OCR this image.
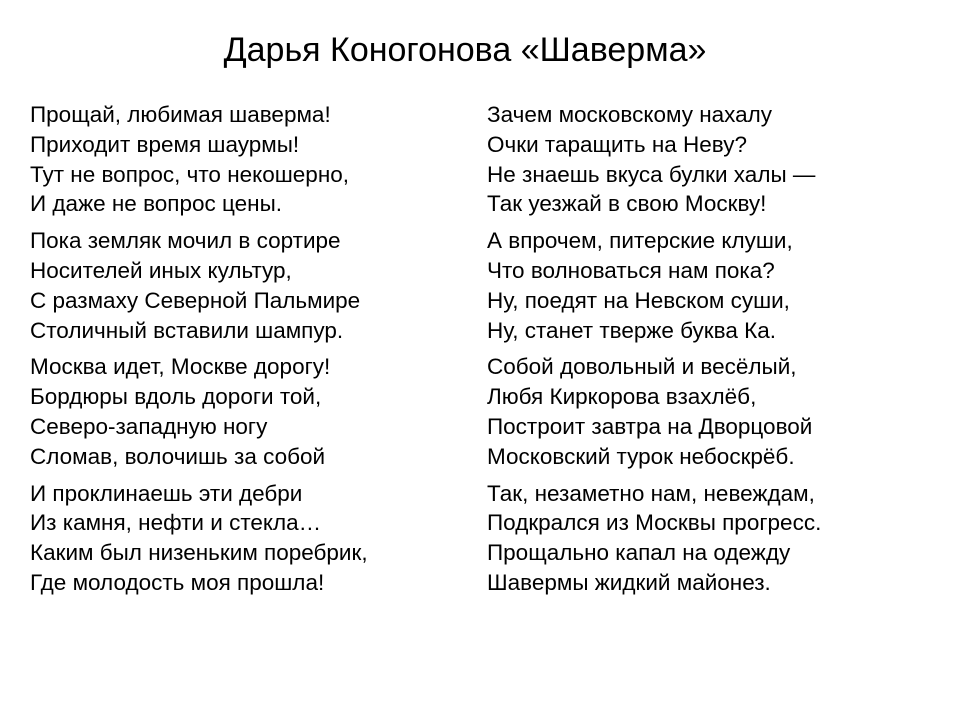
Дарья Коногонова «Шаверма»
Прощай, любимая шаверма!
Приходит время шаурмы!
Тут не вопрос, что некошерно,
И даже не вопрос цены.
Пока земляк мочил в сортире
Носителей иных культур,
С размаху Северной Пальмире
Столичный вставили шампур.
Москва идет, Москве дорогу!
Бордюры вдоль дороги той,
Северо-западную ногу
Сломав, волочишь за собой
И проклинаешь эти дебри
Из камня, нефти и стекла…
Каким был низеньким поребрик,
Где молодость моя прошла!
Зачем московскому нахалу
Очки таращить на Неву?
Не знаешь вкуса булки халы —
Так уезжай в свою Москву!
А впрочем, питерские клуши,
Что волноваться нам пока?
Ну, поедят на Невском суши,
Ну, станет тверже буква Ка.
Собой довольный и весёлый,
Любя Киркорова взахлёб,
Построит завтра на Дворцовой
Московский турок небоскрёб.
Так, незаметно нам, невеждам,
Подкрался из Москвы прогресс.
Прощально капал на одежду
Шавермы жидкий майонез.
